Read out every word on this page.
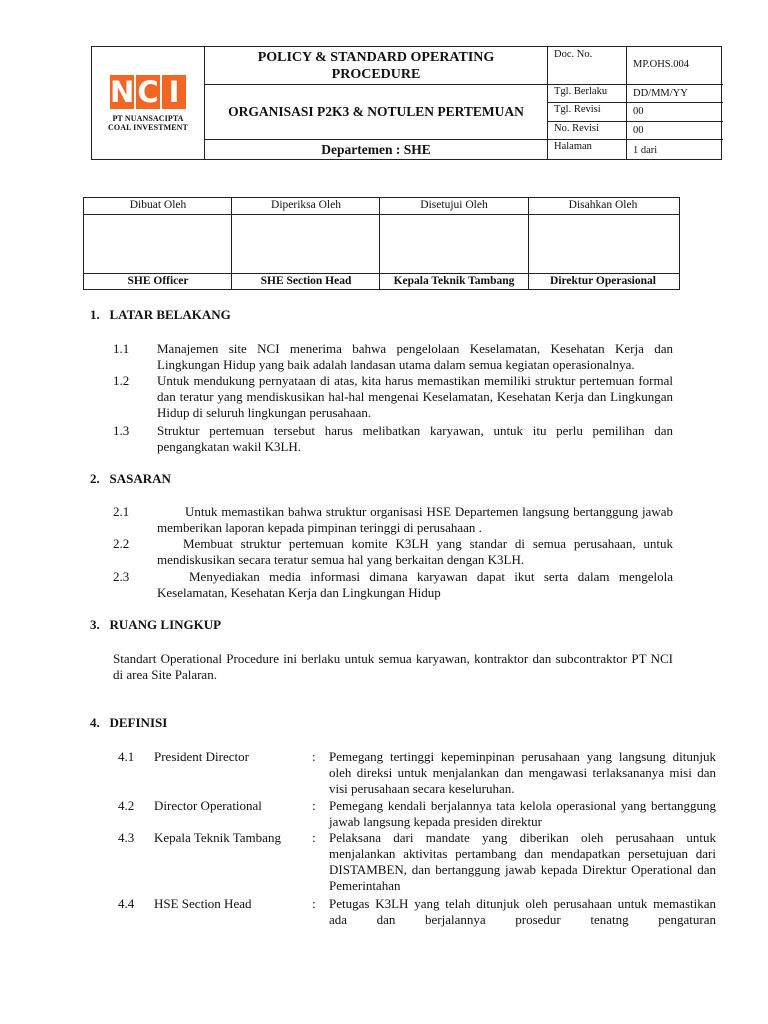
N C I
PT NUANSACIPTA
COAL INVESTMENT
POLICY & STANDARD OPERATING PROCEDURE
ORGANISASI P2K3 & NOTULEN PERTEMUAN
Departemen : SHE
Doc. No.
MP.OHS.004
Tgl. Berlaku DD/MM/YY
Tgl. Revisi	00
No. Revisi	00
Halaman	1 dari
Dibuat Oleh	Diperiksa Oleh	Disetujui Oleh	Disahkan Oleh
SHE Officer	SHE Section Head	Kepala Teknik Tambang	Direktur Operasional
1.   LATAR BELAKANG
1.1 Manajemen site NCI menerima bahwa pengelolaan Keselamatan, Kesehatan Kerja dan Lingkungan Hidup yang baik adalah landasan utama dalam semua kegiatan operasionalnya.
1.2 Untuk mendukung pernyataan di atas, kita harus memastikan memiliki struktur pertemuan formal dan teratur yang mendiskusikan hal-hal mengenai Keselamatan, Kesehatan Kerja dan Lingkungan Hidup di seluruh lingkungan perusahaan.
1.3 Struktur pertemuan tersebut harus melibatkan karyawan, untuk itu perlu pemilihan dan pengangkatan wakil K3LH.
2.   SASARAN
2.1	Untuk memastikan bahwa struktur organisasi HSE Departemen langsung bertanggung jawab memberikan laporan kepada pimpinan teringgi di perusahaan .
2.2	Membuat struktur pertemuan komite K3LH yang standar di semua perusahaan, untuk mendiskusikan secara teratur semua hal yang berkaitan dengan K3LH.
2.3	Menyediakan media informasi dimana karyawan dapat ikut serta dalam mengelola Keselamatan, Kesehatan Kerja dan Lingkungan Hidup
3.   RUANG LINGKUP
Standart Operational Procedure ini berlaku untuk semua karyawan, kontraktor dan subcontraktor PT NCI di area Site Palaran.
4.   DEFINISI
4.1 President Director	: Pemegang tertinggi kepeminpinan perusahaan yang langsung ditunjuk oleh direksi untuk menjalankan dan mengawasi terlaksananya misi dan visi perusahaan secara keseluruhan.
4.2 Director Operational	: Pemegang kendali berjalannya tata kelola operasional yang bertanggung jawab langsung kepada presiden direktur
4.3 Kepala Teknik Tambang : Pelaksana dari mandate yang diberikan oleh perusahaan untuk menjalankan aktivitas pertambang dan mendapatkan persetujuan dari DISTAMBEN, dan bertanggung jawab kepada Direktur Operational dan Pemerintahan
4.4 HSE Section Head	: Petugas K3LH yang telah ditunjuk oleh perusahaan untuk memastikan ada dan berjalannya prosedur tenatng pengaturan
